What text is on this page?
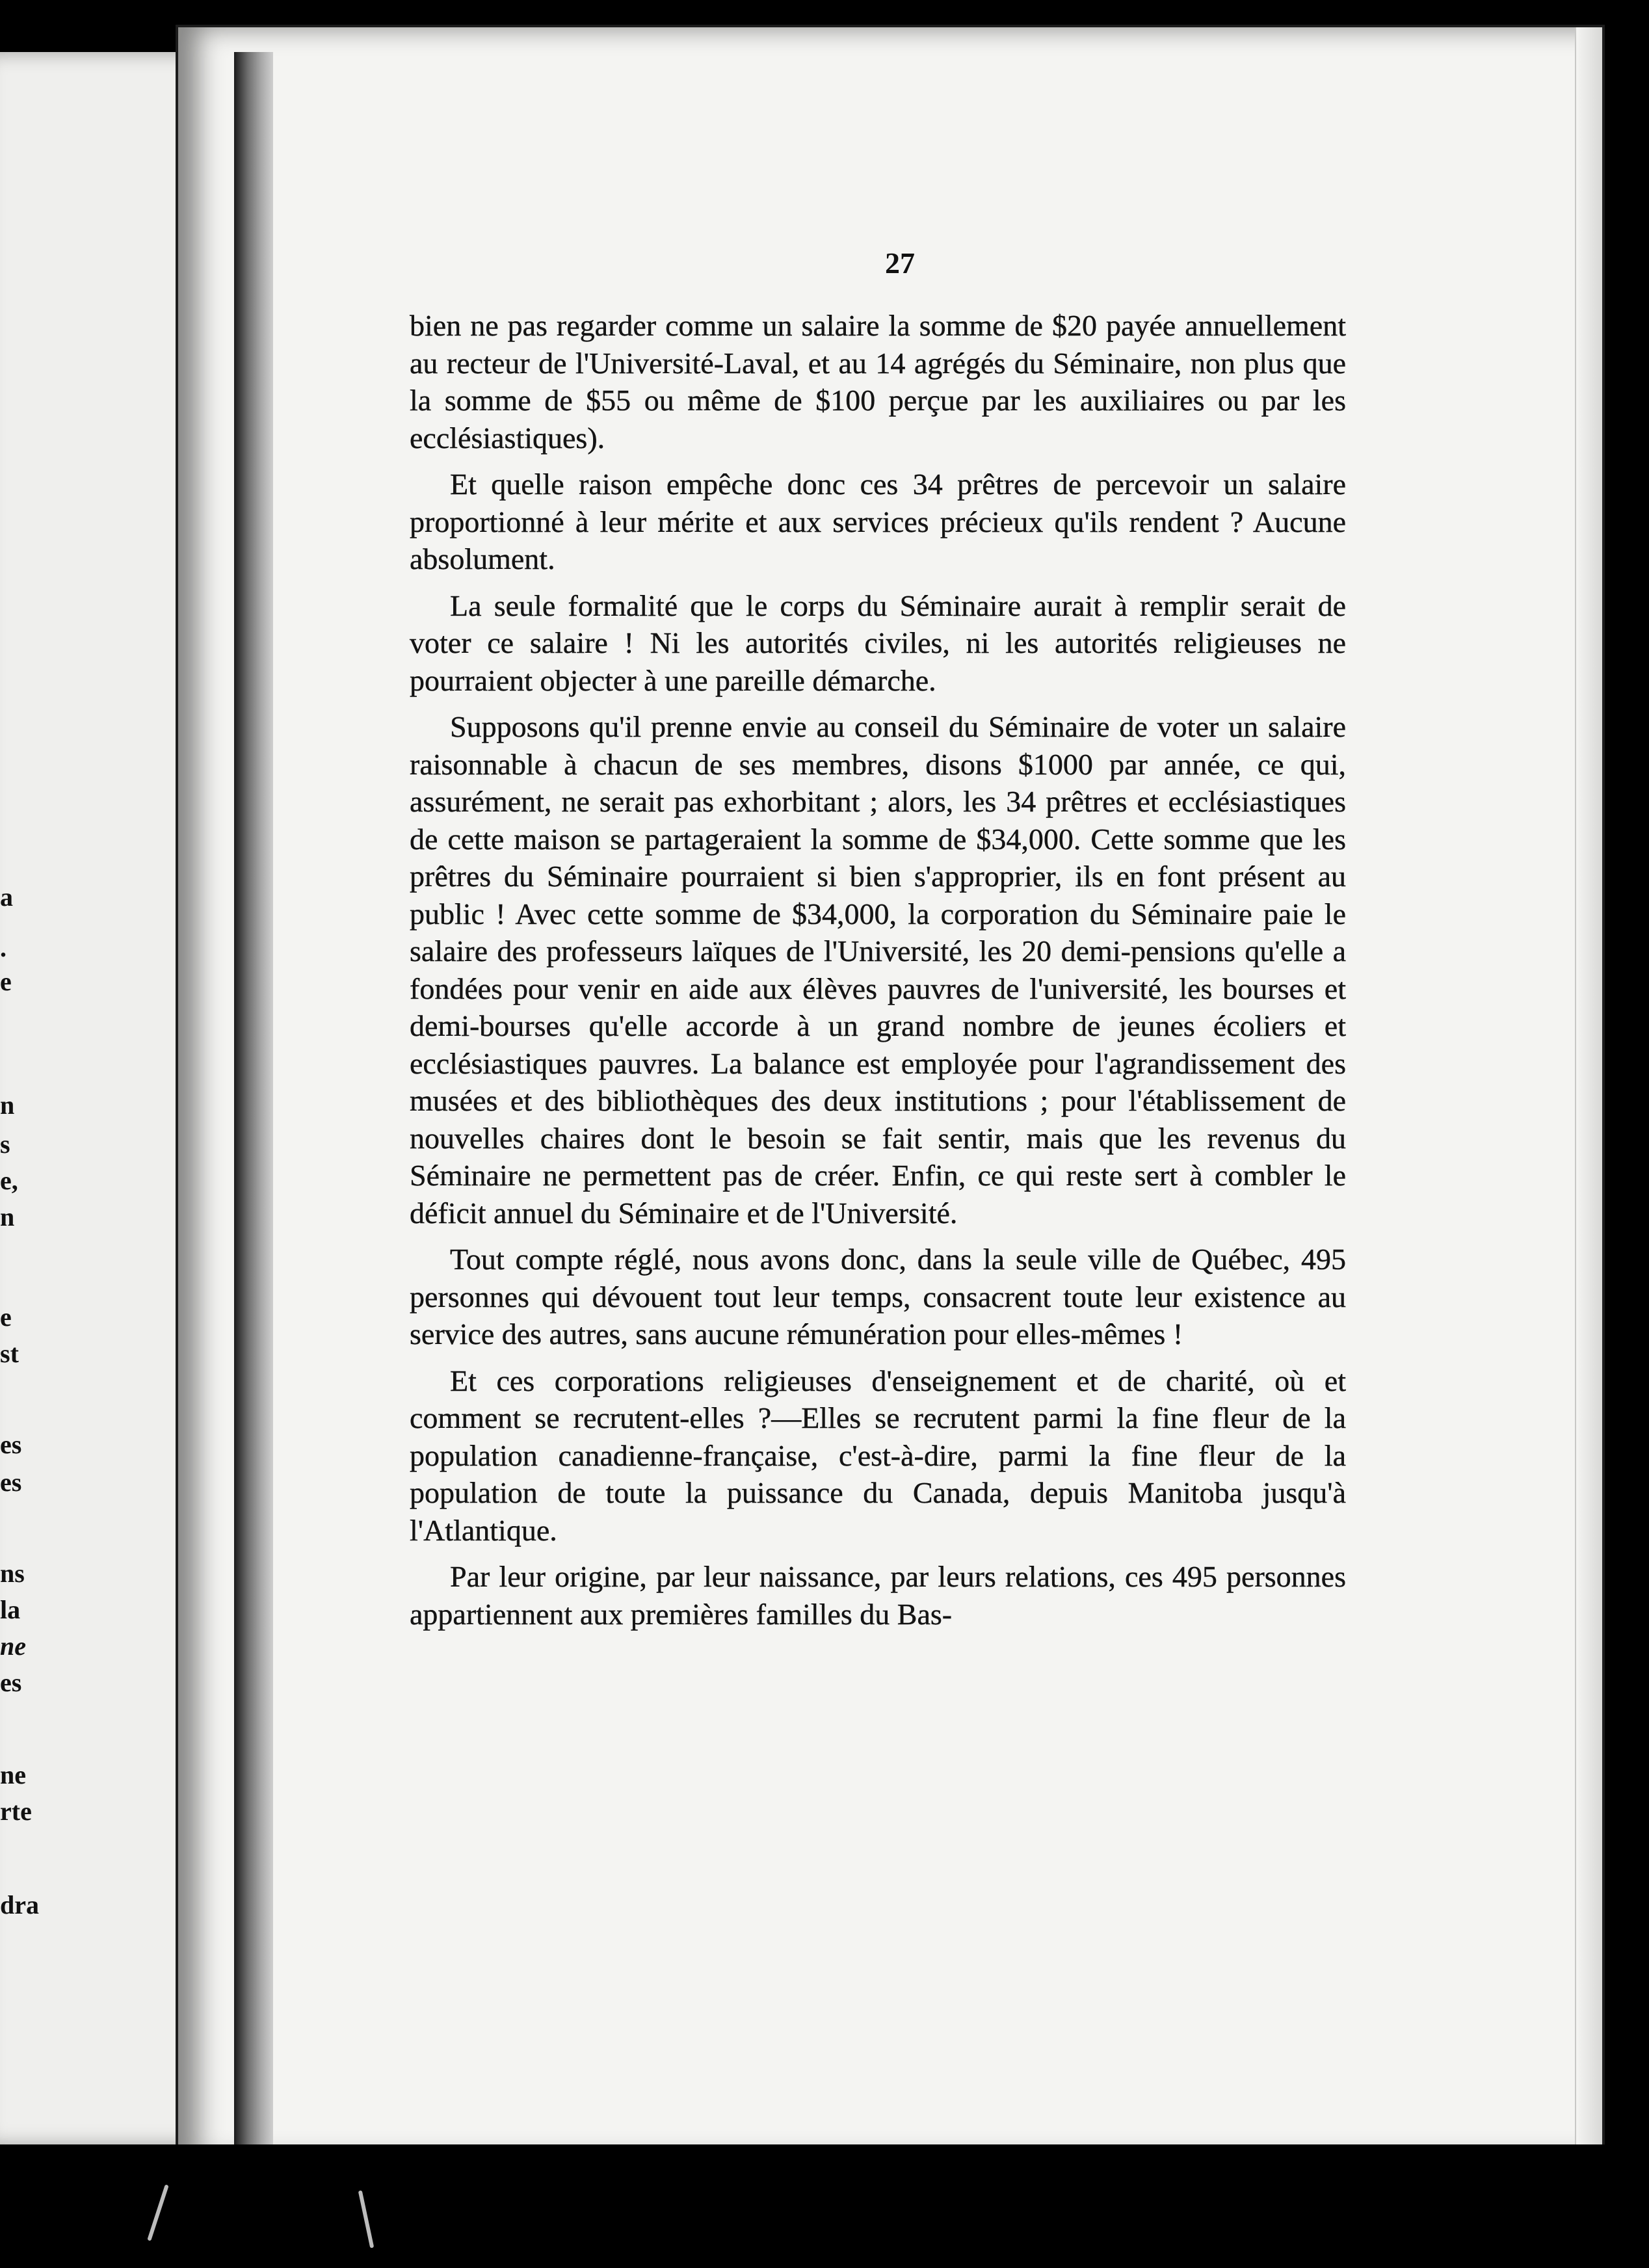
a
.
e
n
s
e,
n
e
st
es
es
ns
la
ne
es
ne
rte
dra
27

bien ne pas regarder comme un salaire la somme de $20 payée annuellement au recteur de l'Université-Laval, et au 14 agrégés du Séminaire, non plus que la somme de $55 ou même de $100 perçue par les auxiliaires ou par les ecclésiastiques).

Et quelle raison empêche donc ces 34 prêtres de percevoir un salaire proportionné à leur mérite et aux services précieux qu'ils rendent ? Aucune absolument.

La seule formalité que le corps du Séminaire aurait à remplir serait de voter ce salaire ! Ni les autorités civiles, ni les autorités religieuses ne pourraient objecter à une pareille démarche.

Supposons qu'il prenne envie au conseil du Séminaire de voter un salaire raisonnable à chacun de ses membres, disons $1000 par année, ce qui, assurément, ne serait pas exhorbitant ; alors, les 34 prêtres et ecclésiastiques de cette maison se partageraient la somme de $34,000. Cette somme que les prêtres du Séminaire pourraient si bien s'approprier, ils en font présent au public ! Avec cette somme de $34,000, la corporation du Séminaire paie le salaire des professeurs laïques de l'Université, les 20 demi-pensions qu'elle a fondées pour venir en aide aux élèves pauvres de l'université, les bourses et demi-bourses qu'elle accorde à un grand nombre de jeunes écoliers et ecclésiastiques pauvres. La balance est employée pour l'agrandissement des musées et des bibliothèques des deux institutions ; pour l'établissement de nouvelles chaires dont le besoin se fait sentir, mais que les revenus du Séminaire ne permettent pas de créer. Enfin, ce qui reste sert à combler le déficit annuel du Séminaire et de l'Université.

Tout compte réglé, nous avons donc, dans la seule ville de Québec, 495 personnes qui dévouent tout leur temps, consacrent toute leur existence au service des autres, sans aucune rémunération pour elles-mêmes !

Et ces corporations religieuses d'enseignement et de charité, où et comment se recrutent-elles ?—Elles se recrutent parmi la fine fleur de la population canadienne-française, c'est-à-dire, parmi la fine fleur de la population de toute la puissance du Canada, depuis Manitoba jusqu'à l'Atlantique.

Par leur origine, par leur naissance, par leurs relations, ces 495 personnes appartiennent aux premières familles du Bas-
